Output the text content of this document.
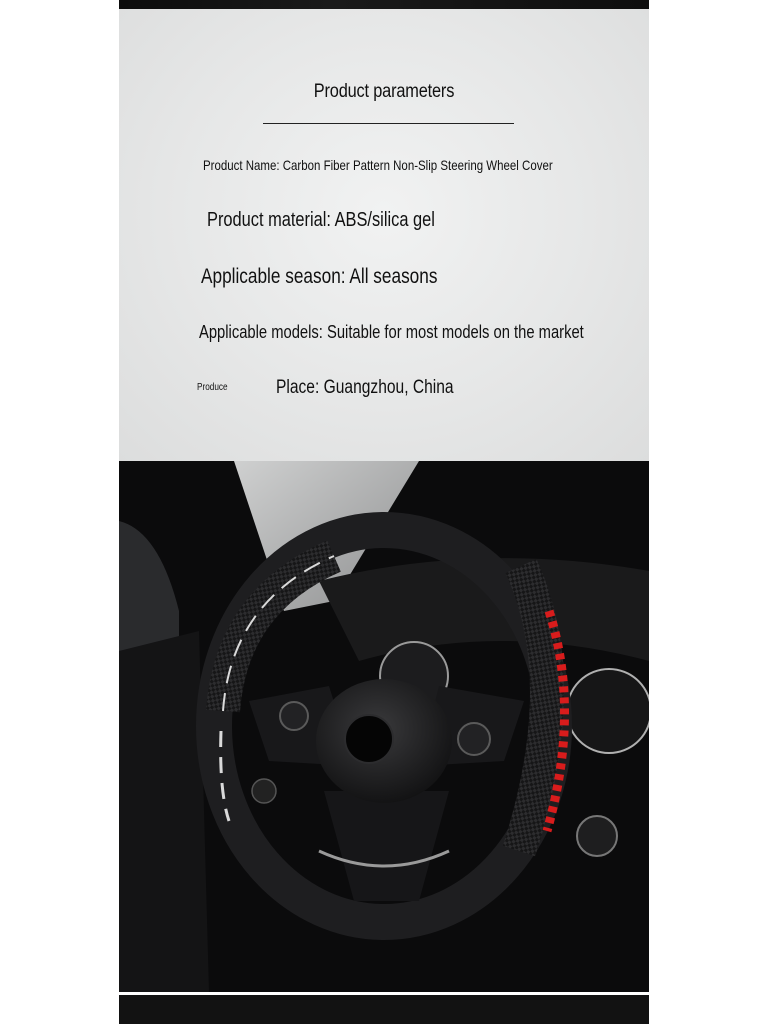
Product parameters
Product Name: Carbon Fiber Pattern Non-Slip Steering Wheel Cover
Product material: ABS/silica gel
Applicable season: All seasons
Applicable models: Suitable for most models on the market
Produce	Place: Guangzhou, China
